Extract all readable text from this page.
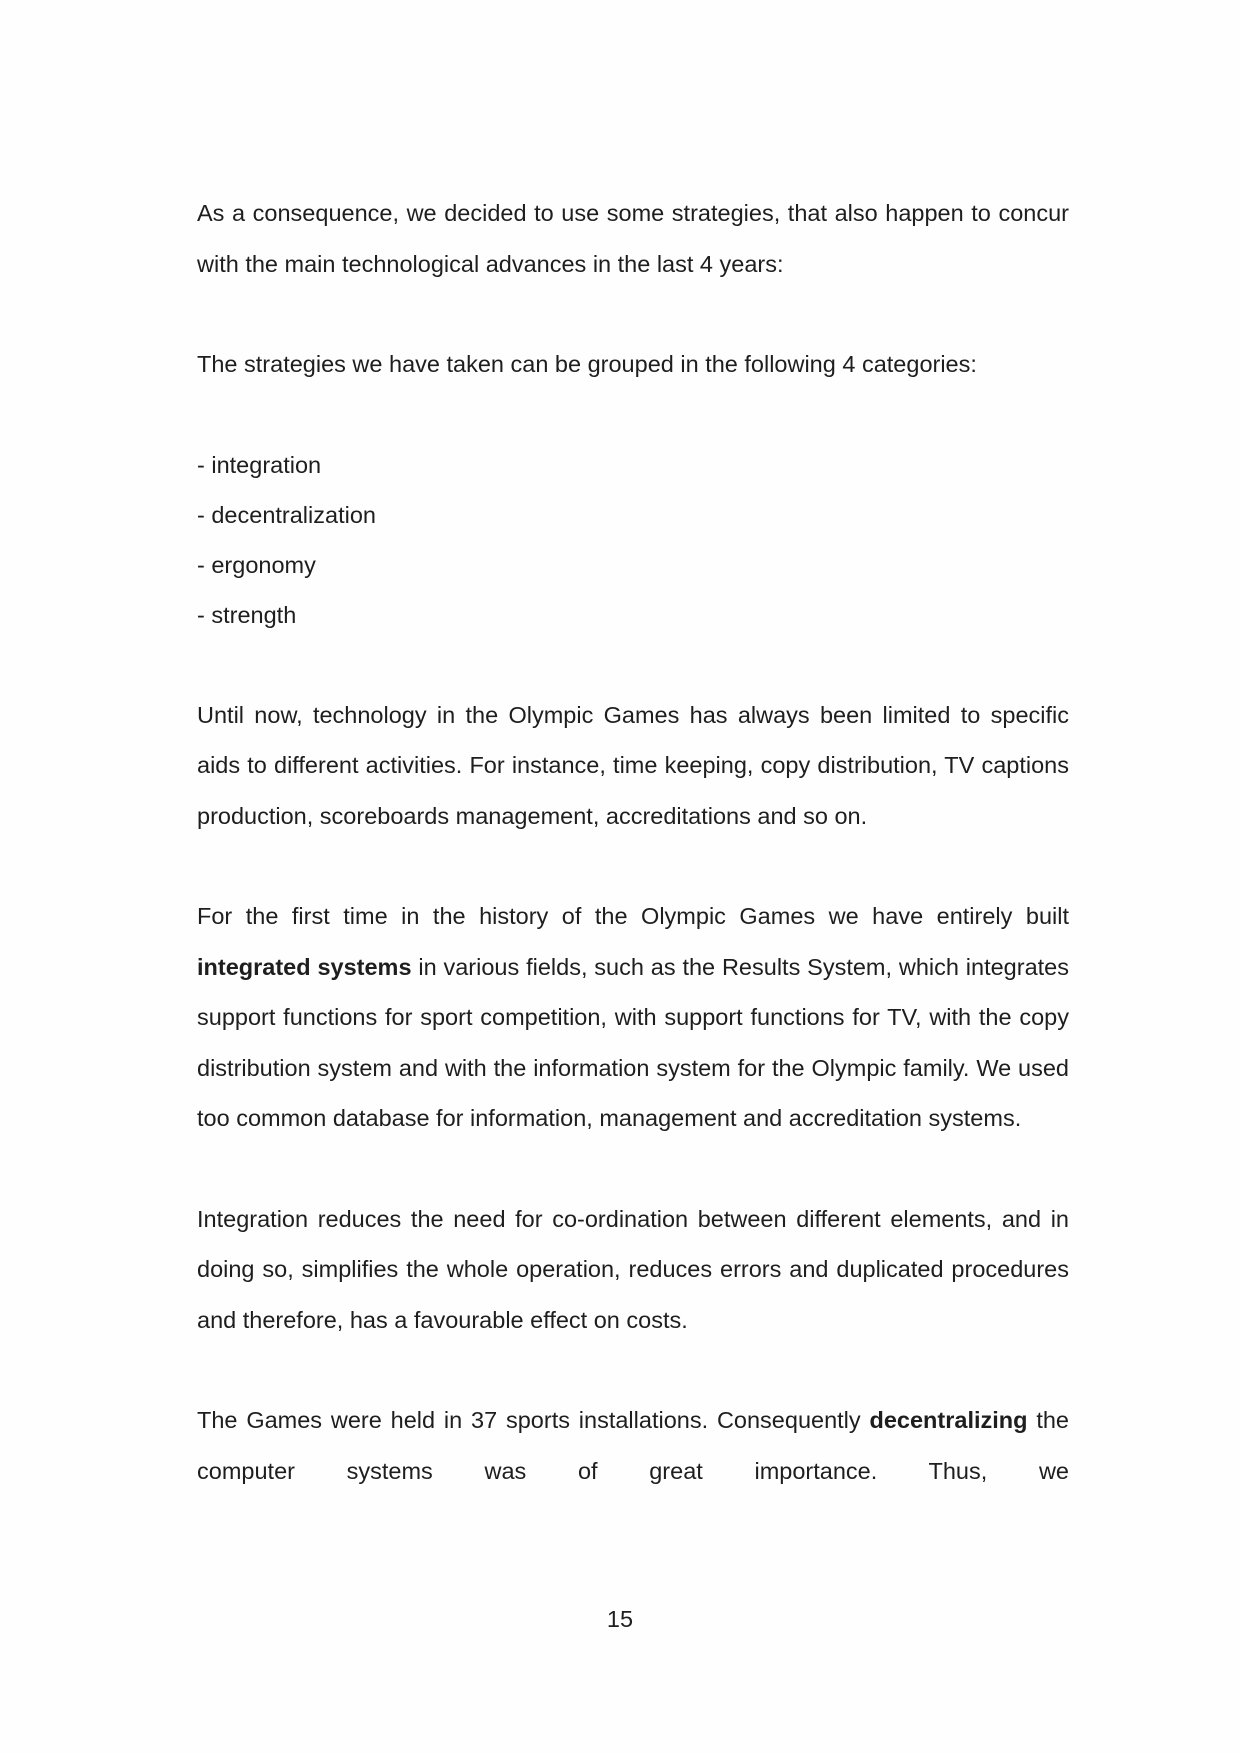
As a consequence, we decided to use some strategies, that also happen to concur with the main technological advances in the last 4 years:

The strategies we have taken can be grouped in the following 4 categories:

- integration
- decentralization
- ergonomy
- strength

Until now, technology in the Olympic Games has always been limited to specific aids to different activities. For instance, time keeping, copy distribution, TV captions production, scoreboards management, accreditations and so on.

For the first time in the history of the Olympic Games we have entirely built integrated systems in various fields, such as the Results System, which integrates support functions for sport competition, with support functions for TV, with the copy distribution system and with the information system for the Olympic family. We used too common database for information, management and accreditation systems.

Integration reduces the need for co-ordination between different elements, and in doing so, simplifies the whole operation, reduces errors and duplicated procedures and therefore, has a favourable effect on costs.

The Games were held in 37 sports installations. Consequently decentralizing the computer systems was of great importance. Thus, we

15
